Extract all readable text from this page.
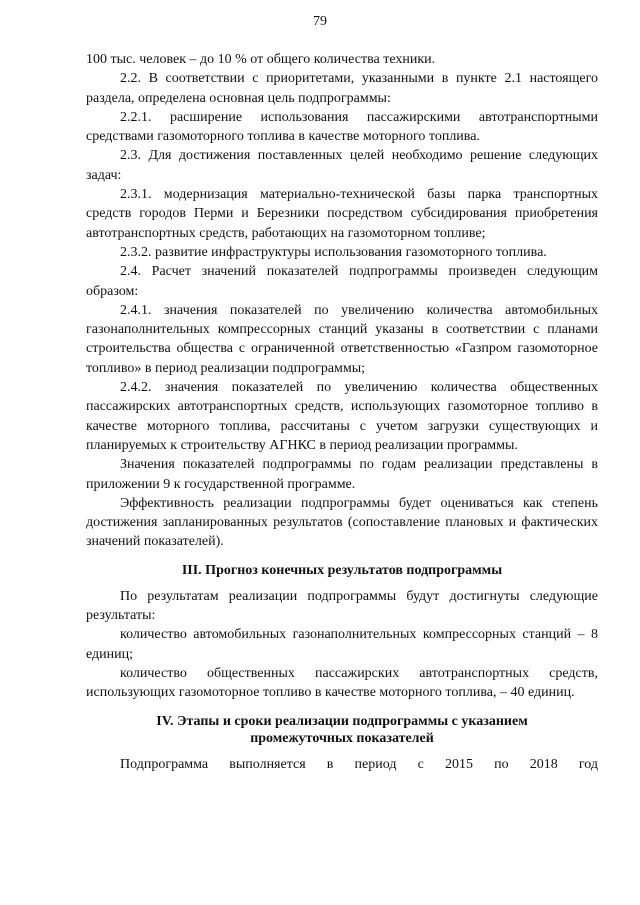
79

100 тыс. человек – до 10 % от общего количества техники.

2.2. В соответствии с приоритетами, указанными в пункте 2.1 настоящего раздела, определена основная цель подпрограммы:

2.2.1. расширение использования пассажирскими автотранспортными средствами газомоторного топлива в качестве моторного топлива.

2.3. Для достижения поставленных целей необходимо решение следующих задач:

2.3.1. модернизация материально-технической базы парка транспортных средств городов Перми и Березники посредством субсидирования приобретения автотранспортных средств, работающих на газомоторном топливе;

2.3.2. развитие инфраструктуры использования газомоторного топлива.

2.4. Расчет значений показателей подпрограммы произведен следующим образом:

2.4.1. значения показателей по увеличению количества автомобильных газонаполнительных компрессорных станций указаны в соответствии с планами строительства общества с ограниченной ответственностью «Газпром газомоторное топливо» в период реализации подпрограммы;

2.4.2. значения показателей по увеличению количества общественных пассажирских автотранспортных средств, использующих газомоторное топливо в качестве моторного топлива, рассчитаны с учетом загрузки существующих и планируемых к строительству АГНКС в период реализации программы.

Значения показателей подпрограммы по годам реализации представлены в приложении 9 к государственной программе.

Эффективность реализации подпрограммы будет оцениваться как степень достижения запланированных результатов (сопоставление плановых и фактических значений показателей).

III. Прогноз конечных результатов подпрограммы

По результатам реализации подпрограммы будут достигнуты следующие результаты:

количество автомобильных газонаполнительных компрессорных станций – 8 единиц;

количество общественных пассажирских автотранспортных средств, использующих газомоторное топливо в качестве моторного топлива, – 40 единиц.

IV. Этапы и сроки реализации подпрограммы с указанием
промежуточных показателей

Подпрограмма выполняется в период с 2015 по 2018 год
